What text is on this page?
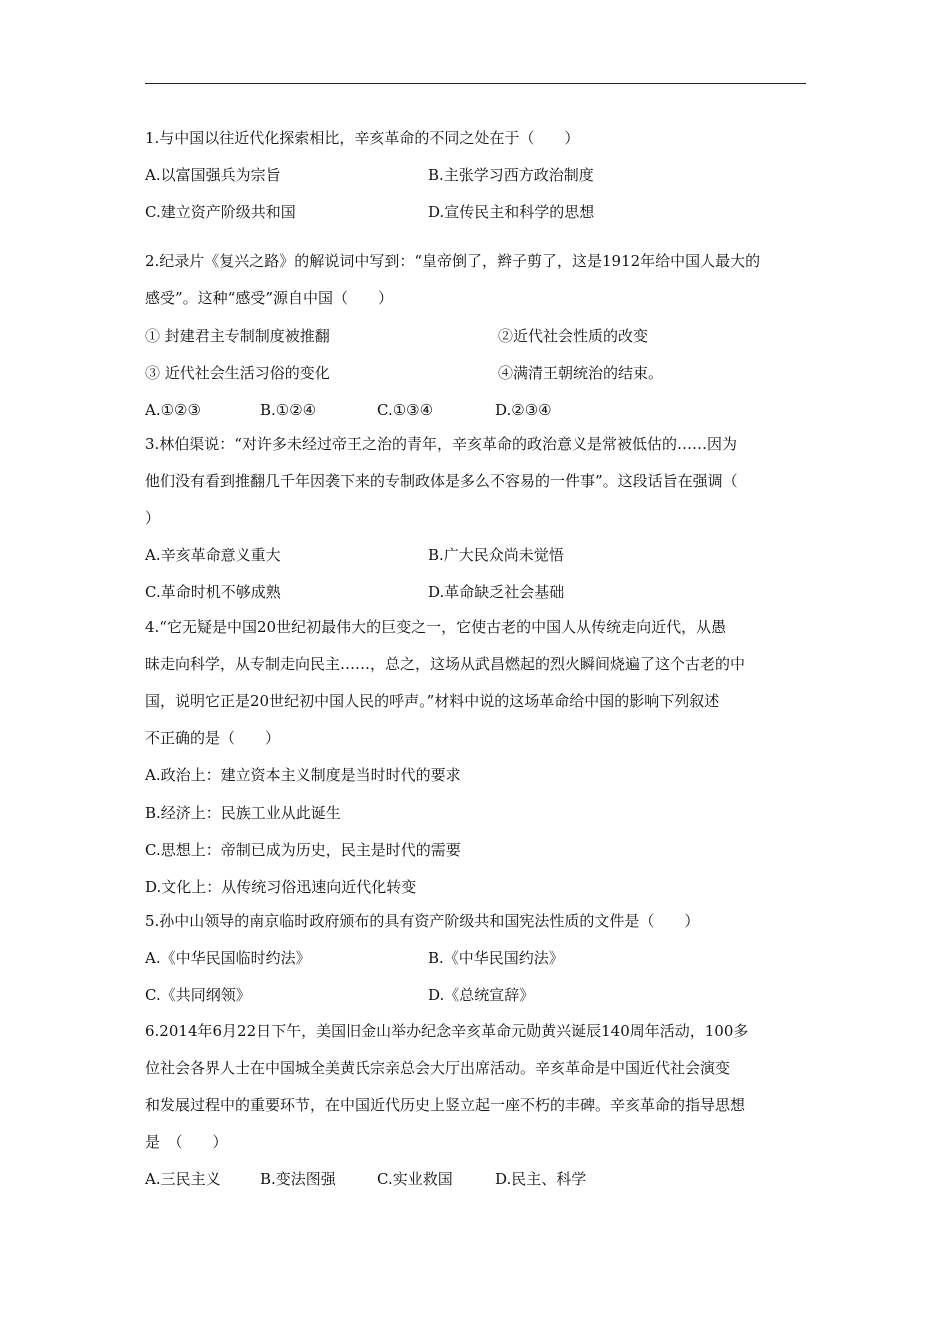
1.与中国以往近代化探索相比，辛亥革命的不同之处在于（　　）
A.以富国强兵为宗旨	B.主张学习西方政治制度
C.建立资产阶级共和国	D.宣传民主和科学的思想
2.纪录片《复兴之路》的解说词中写到：“皇帝倒了，辫子剪了，这是1912年给中国人最大的
感受”。这种“感受”源自中国（　　）
① 封建君主专制制度被推翻	②近代社会性质的改变
③ 近代社会生活习俗的变化	④满清王朝统治的结束。
A.①②③	B.①②④	C.①③④	D.②③④
3.林伯渠说：“对许多未经过帝王之治的青年，辛亥革命的政治意义是常被低估的……因为
他们没有看到推翻几千年因袭下来的专制政体是多么不容易的一件事”。这段话旨在强调（
）
A.辛亥革命意义重大	B.广大民众尚未觉悟
C.革命时机不够成熟	D.革命缺乏社会基础
4.“它无疑是中国20世纪初最伟大的巨变之一，它使古老的中国人从传统走向近代，从愚
昧走向科学，从专制走向民主……，总之，这场从武昌燃起的烈火瞬间烧遍了这个古老的中
国，说明它正是20世纪初中国人民的呼声。”材料中说的这场革命给中国的影响下列叙述
不正确的是（　　）
A.政治上：建立资本主义制度是当时时代的要求
B.经济上：民族工业从此诞生
C.思想上：帝制已成为历史，民主是时代的需要
D.文化上：从传统习俗迅速向近代化转变
5.孙中山领导的南京临时政府颁布的具有资产阶级共和国宪法性质的文件是（　　）
A.《中华民国临时约法》	B.《中华民国约法》
C.《共同纲领》	D.《总统宣辞》
6.2014年6月22日下午，美国旧金山举办纪念辛亥革命元勋黄兴诞辰140周年活动，100多
位社会各界人士在中国城全美黄氏宗亲总会大厅出席活动。辛亥革命是中国近代社会演变
和发展过程中的重要环节，在中国近代历史上竖立起一座不朽的丰碑。辛亥革命的指导思想
是　（　　）
A.三民主义	B.变法图强	C.实业救国	D.民主、科学
